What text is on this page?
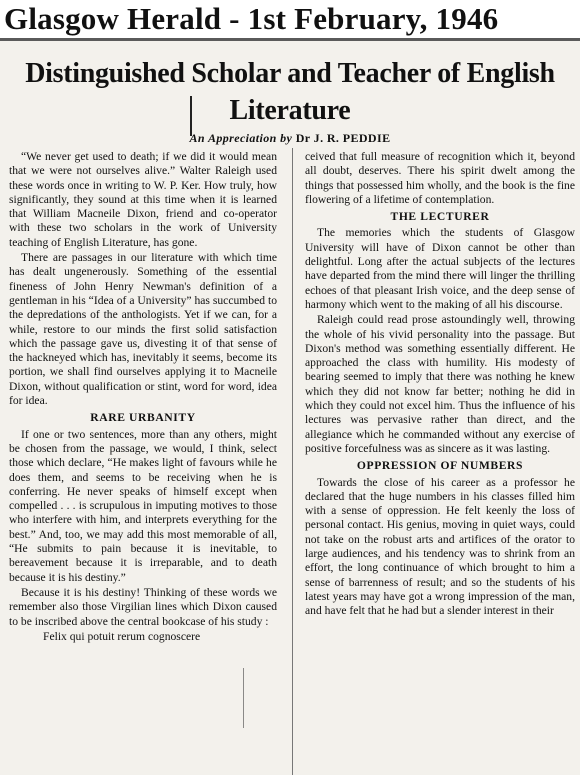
Glasgow Herald - 1st February, 1946
Distinguished Scholar and Teacher of English Literature
An Appreciation by Dr J. R. PEDDIE

“We never get used to death; if we did it would mean that we were not ourselves alive.” Walter Raleigh used these words once in writing to W. P. Ker. How truly, how significantly, they sound at this time when it is learned that William Macneile Dixon, friend and co-operator with these two scholars in the work of University teaching of English Literature, has gone.

There are passages in our literature with which time has dealt ungenerously. Something of the essential fineness of John Henry Newman's definition of a gentleman in his “Idea of a University” has succumbed to the depredations of the anthologists. Yet if we can, for a while, restore to our minds the first solid satisfaction which the passage gave us, divesting it of that sense of the hackneyed which has, inevitably it seems, become its portion, we shall find ourselves applying it to Macneile Dixon, without qualification or stint, word for word, idea for idea.

RARE URBANITY

If one or two sentences, more than any others, might be chosen from the passage, we would, I think, select those which declare, “He makes light of favours while he does them, and seems to be receiving when he is conferring. He never speaks of himself except when compelled . . . is scrupulous in imputing motives to those who interfere with him, and interprets everything for the best.” And, too, we may add this most memorable of all, “He submits to pain because it is inevitable, to bereavement because it is irreparable, and to death because it is his destiny.”

Because it is his destiny! Thinking of these words we remember also those Virgilian lines which Dixon caused to be inscribed above the central bookcase of his study :

Felix qui potuit rerum cognoscere

ceived that full measure of recognition which it, beyond all doubt, deserves. There his spirit dwelt among the things that possessed him wholly, and the book is the fine flowering of a lifetime of contemplation.

THE LECTURER

The memories which the students of Glasgow University will have of Dixon cannot be other than delightful. Long after the actual subjects of the lectures have departed from the mind there will linger the thrilling echoes of that pleasant Irish voice, and the deep sense of harmony which went to the making of all his discourse.

Raleigh could read prose astoundingly well, throwing the whole of his vivid personality into the passage. But Dixon's method was something essentially different. He approached the class with humility. His modesty of bearing seemed to imply that there was nothing he knew which they did not know far better; nothing he did in which they could not excel him. Thus the influence of his lectures was pervasive rather than direct, and the allegiance which he commanded without any exercise of positive forcefulness was as sincere as it was lasting.

OPPRESSION OF NUMBERS

Towards the close of his career as a professor he declared that the huge numbers in his classes filled him with a sense of oppression. He felt keenly the loss of personal contact. His genius, moving in quiet ways, could not take on the robust arts and artifices of the orator to large audiences, and his tendency was to shrink from an effort, the long continuance of which brought to him a sense of barrenness of result; and so the students of his latest years may have got a wrong impression of the man, and have felt that he had but a slender interest in their
